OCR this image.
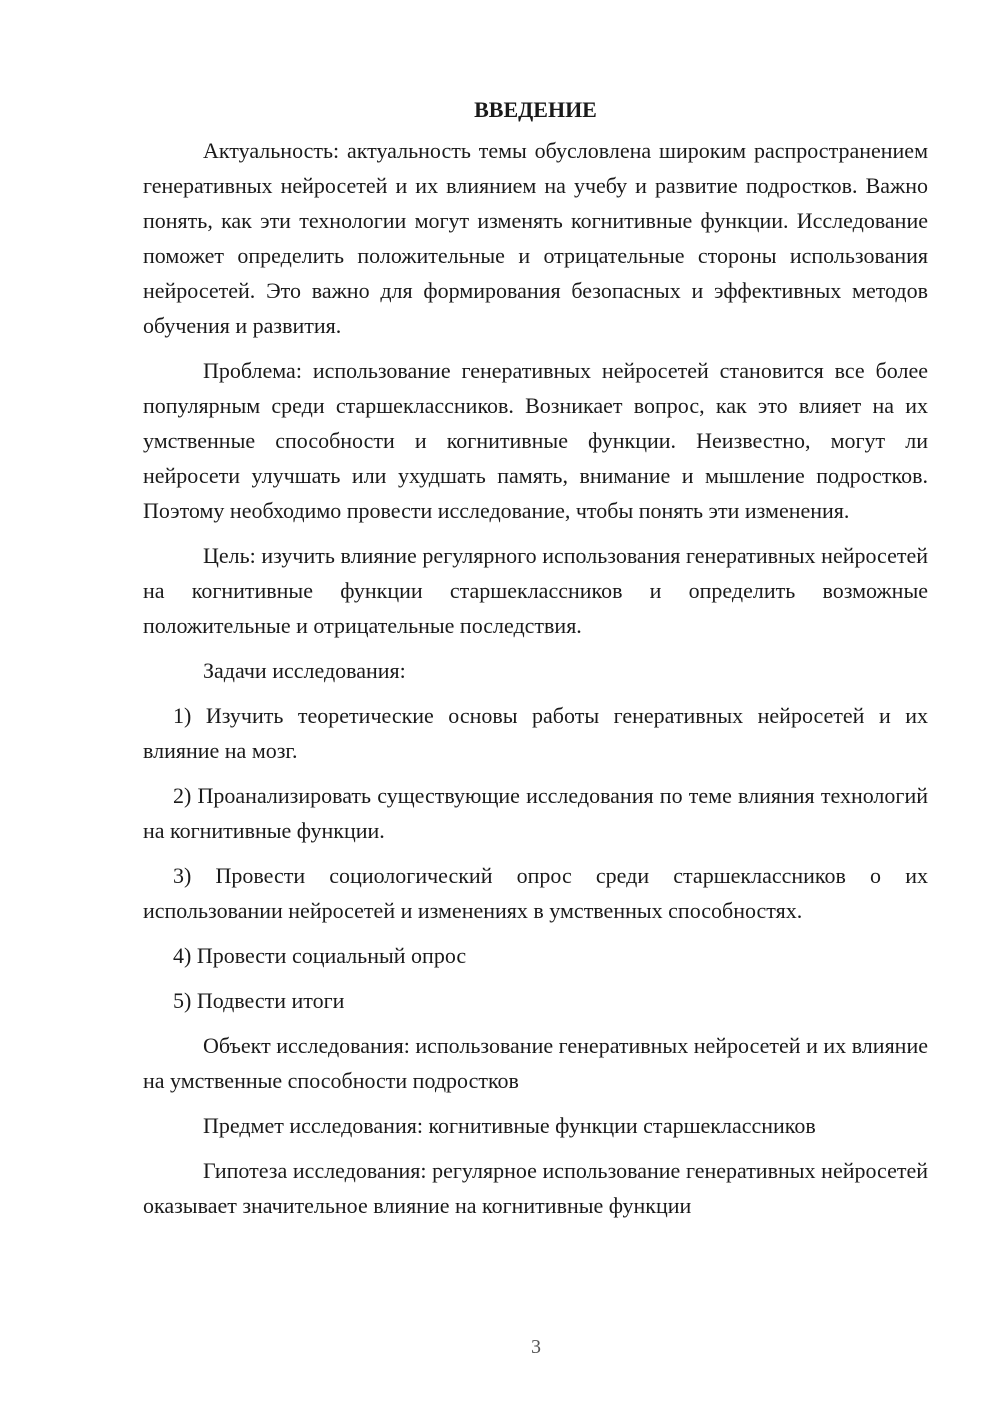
ВВЕДЕНИЕ

Актуальность: актуальность темы обусловлена широким распространением генеративных нейросетей и их влиянием на учебу и развитие подростков. Важно понять, как эти технологии могут изменять когнитивные функции. Исследование поможет определить положительные и отрицательные стороны использования нейросетей. Это важно для формирования безопасных и эффективных методов обучения и развития.

Проблема: использование генеративных нейросетей становится все более популярным среди старшеклассников. Возникает вопрос, как это влияет на их умственные способности и когнитивные функции. Неизвестно, могут ли нейросети улучшать или ухудшать память, внимание и мышление подростков. Поэтому необходимо провести исследование, чтобы понять эти изменения.

Цель: изучить влияние регулярного использования генеративных нейросетей на когнитивные функции старшеклассников и определить возможные положительные и отрицательные последствия.

Задачи исследования:

1) Изучить теоретические основы работы генеративных нейросетей и их влияние на мозг.

2) Проанализировать существующие исследования по теме влияния технологий на когнитивные функции.

3) Провести социологический опрос среди старшеклассников о их использовании нейросетей и изменениях в умственных способностях.

4) Провести социальный опрос

5) Подвести итоги

Объект исследования: использование генеративных нейросетей и их влияние на умственные способности подростков

Предмет исследования: когнитивные функции старшеклассников

Гипотеза исследования: регулярное использование генеративных нейросетей оказывает значительное влияние на когнитивные функции

3
